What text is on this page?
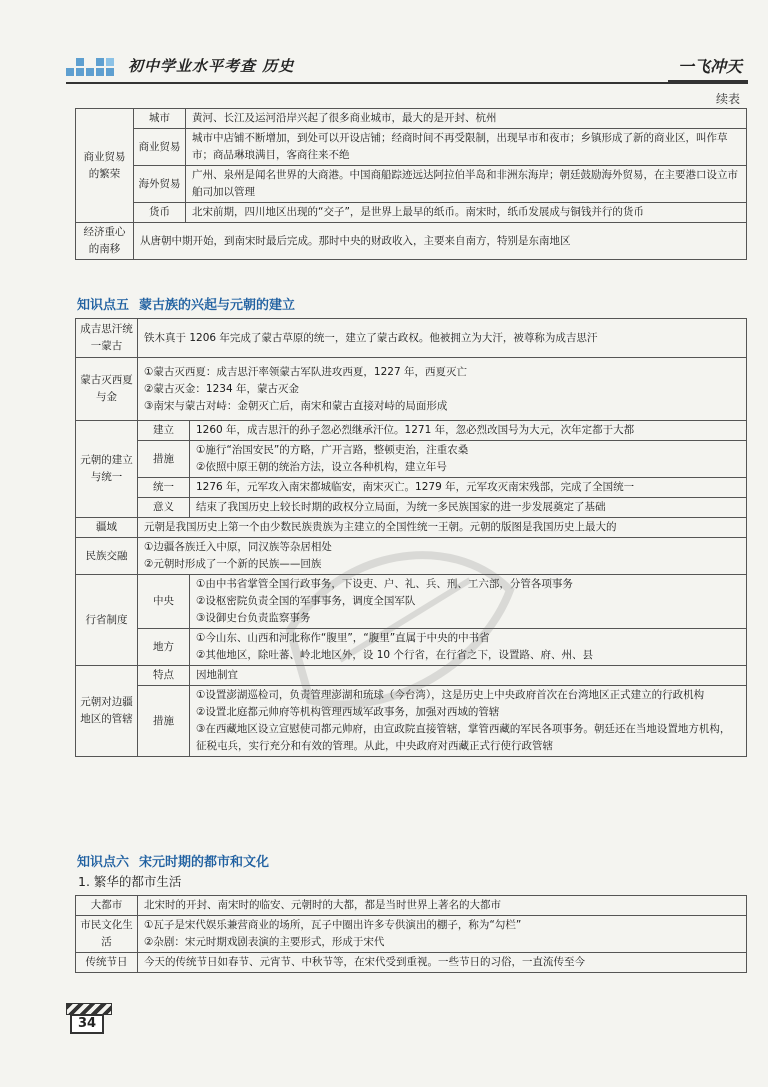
初中学业水平考查 历史	一飞冲天
续表
商业贸易的繁荣	城市	黄河、长江及运河沿岸兴起了很多商业城市，最大的是开封、杭州
	商业贸易	城市中店铺不断增加，到处可以开设店铺；经商时间不再受限制，出现早市和夜市；乡镇形成了新的商业区，叫作草市；商品琳琅满目，客商往来不绝
	海外贸易	广州、泉州是闻名世界的大商港。中国商船踪迹远达阿拉伯半岛和非洲东海岸；朝廷鼓励海外贸易，在主要港口设立市舶司加以管理
	货币	北宋前期，四川地区出现的“交子”，是世界上最早的纸币。南宋时，纸币发展成与铜钱并行的货币
经济重心的南移	从唐朝中期开始，到南宋时最后完成。那时中央的财政收入，主要来自南方，特别是东南地区	
知识点五 蒙古族的兴起与元朝的建立
成吉思汗统一蒙古	铁木真于 1206 年完成了蒙古草原的统一，建立了蒙古政权。他被拥立为大汗，被尊称为成吉思汗	
蒙古灭西夏与金	①蒙古灭西夏：成吉思汗率领蒙古军队进攻西夏，1227 年，西夏灭亡
②蒙古灭金：1234 年，蒙古灭金
③南宋与蒙古对峙：金朝灭亡后，南宋和蒙古直接对峙的局面形成	

元朝的建立与统一	建立	1260 年，成吉思汗的孙子忽必烈继承汗位。1271 年，忽必烈改国号为大元，次年定都于大都
	措施	①施行“治国安民”的方略，广开言路，整顿吏治，注重农桑
②依照中原王朝的统治方法，设立各种机构，建立年号

	统一	1276 年，元军攻入南宋都城临安，南宋灭亡。1279 年，元军攻灭南宋残部，完成了全国统一
	意义	结束了我国历史上较长时期的政权分立局面，为统一多民族国家的进一步发展奠定了基础
疆域	元朝是我国历史上第一个由少数民族贵族为主建立的全国性统一王朝。元朝的版图是我国历史上最大的	
民族交融	①边疆各族迁入中原，同汉族等杂居相处
②元朝时形成了一个新的民族——回族	

行省制度	中央	①由中书省掌管全国行政事务，下设吏、户、礼、兵、刑、工六部，分管各项事务
②设枢密院负责全国的军事事务，调度全国军队
③设御史台负责监察事务

	地方	①今山东、山西和河北称作“腹里”，“腹里”直属于中央的中书省
②其他地区，除吐蕃、岭北地区外，设 10 个行省，在行省之下，设置路、府、州、县

元朝对边疆地区的管辖	特点	因地制宜
	措施	①设置澎湖巡检司，负责管理澎湖和琉球（今台湾），这是历史上中央政府首次在台湾地区正式建立的行政机构
②设置北庭都元帅府等机构管理西域军政事务，加强对西域的管辖
③在西藏地区设立宣慰使司都元帅府，由宣政院直接管辖，掌管西藏的军民各项事务。朝廷还在当地设置地方机构，征税屯兵，实行充分和有效的管理。从此，中央政府对西藏正式行使行政管辖
知识点六 宋元时期的都市和文化
1. 繁华的都市生活
大都市	北宋时的开封、南宋时的临安、元朝时的大都，都是当时世界上著名的大都市
市民文化生活	①瓦子是宋代娱乐兼营商业的场所，瓦子中圈出许多专供演出的棚子，称为“勾栏”
②杂剧：宋元时期戏剧表演的主要形式，形成于宋代

传统节日	今天的传统节日如春节、元宵节、中秋节等，在宋代受到重视。一些节日的习俗，一直流传至今
34
